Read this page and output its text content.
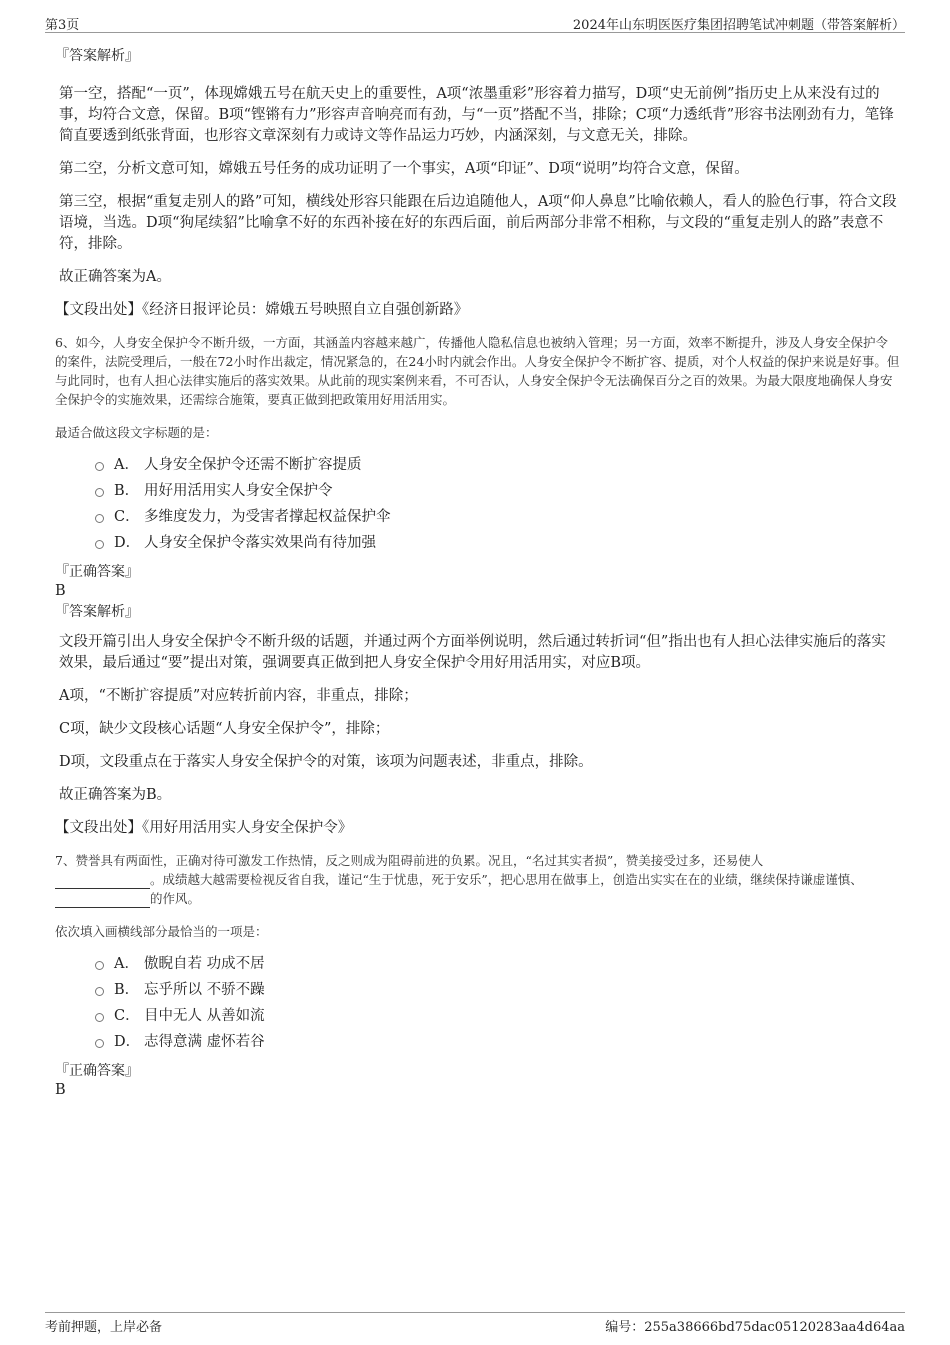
第3页	2024年山东明医医疗集团招聘笔试冲刺题（带答案解析）

『答案解析』

第一空，搭配“一页”，体现嫦娥五号在航天史上的重要性，A项“浓墨重彩”形容着力描写，D项“史无前例”指历史上从来没有过的事，均符合文意，保留。B项“铿锵有力”形容声音响亮而有劲，与“一页”搭配不当，排除；C项“力透纸背”形容书法刚劲有力，笔锋简直要透到纸张背面，也形容文章深刻有力或诗文等作品运力巧妙，内涵深刻，与文意无关，排除。

第二空，分析文意可知，嫦娥五号任务的成功证明了一个事实，A项“印证”、D项“说明”均符合文意，保留。

第三空，根据“重复走别人的路”可知，横线处形容只能跟在后边追随他人，A项“仰人鼻息”比喻依赖人，看人的脸色行事，符合文段语境，当选。D项“狗尾续貂”比喻拿不好的东西补接在好的东西后面，前后两部分非常不相称，与文段的“重复走别人的路”表意不符，排除。

故正确答案为A。

【文段出处】《经济日报评论员：嫦娥五号映照自立自强创新路》

6、如今，人身安全保护令不断升级，一方面，其涵盖内容越来越广，传播他人隐私信息也被纳入管理；另一方面，效率不断提升，涉及人身安全保护令的案件，法院受理后，一般在72小时作出裁定，情况紧急的，在24小时内就会作出。人身安全保护令不断扩容、提质，对个人权益的保护来说是好事。但与此同时，也有人担心法律实施后的落实效果。从此前的现实案例来看，不可否认，人身安全保护令无法确保百分之百的效果。为最大限度地确保人身安全保护令的实施效果，还需综合施策，要真正做到把政策用好用活用实。

最适合做这段文字标题的是：

A． 人身安全保护令还需不断扩容提质
B． 用好用活用实人身安全保护令
C． 多维度发力，为受害者撑起权益保护伞
D． 人身安全保护令落实效果尚有待加强

『正确答案』

B

『答案解析』

文段开篇引出人身安全保护令不断升级的话题，并通过两个方面举例说明，然后通过转折词“但”指出也有人担心法律实施后的落实效果，最后通过“要”提出对策，强调要真正做到把人身安全保护令用好用活用实，对应B项。

A项，“不断扩容提质”对应转折前内容，非重点，排除；

C项，缺少文段核心话题“人身安全保护令”，排除；

D项，文段重点在于落实人身安全保护令的对策，该项为问题表述，非重点，排除。

故正确答案为B。

【文段出处】《用好用活用实人身安全保护令》

7、赞誉具有两面性，正确对待可激发工作热情，反之则成为阻碍前进的负累。况且，“名过其实者损”，赞美接受过多，还易使人
。成绩越大越需要检视反省自我，谨记“生于忧患，死于安乐”，把心思用在做事上，创造出实实在在的业绩，继续保持谦虚谨慎、的作风。

依次填入画横线部分最恰当的一项是：

A． 傲睨自若 功成不居
B． 忘乎所以 不骄不躁
C． 目中无人 从善如流
D． 志得意满 虚怀若谷

『正确答案』

B

考前押题，上岸必备	编号：255a38666bd75dac05120283aa4d64aa
